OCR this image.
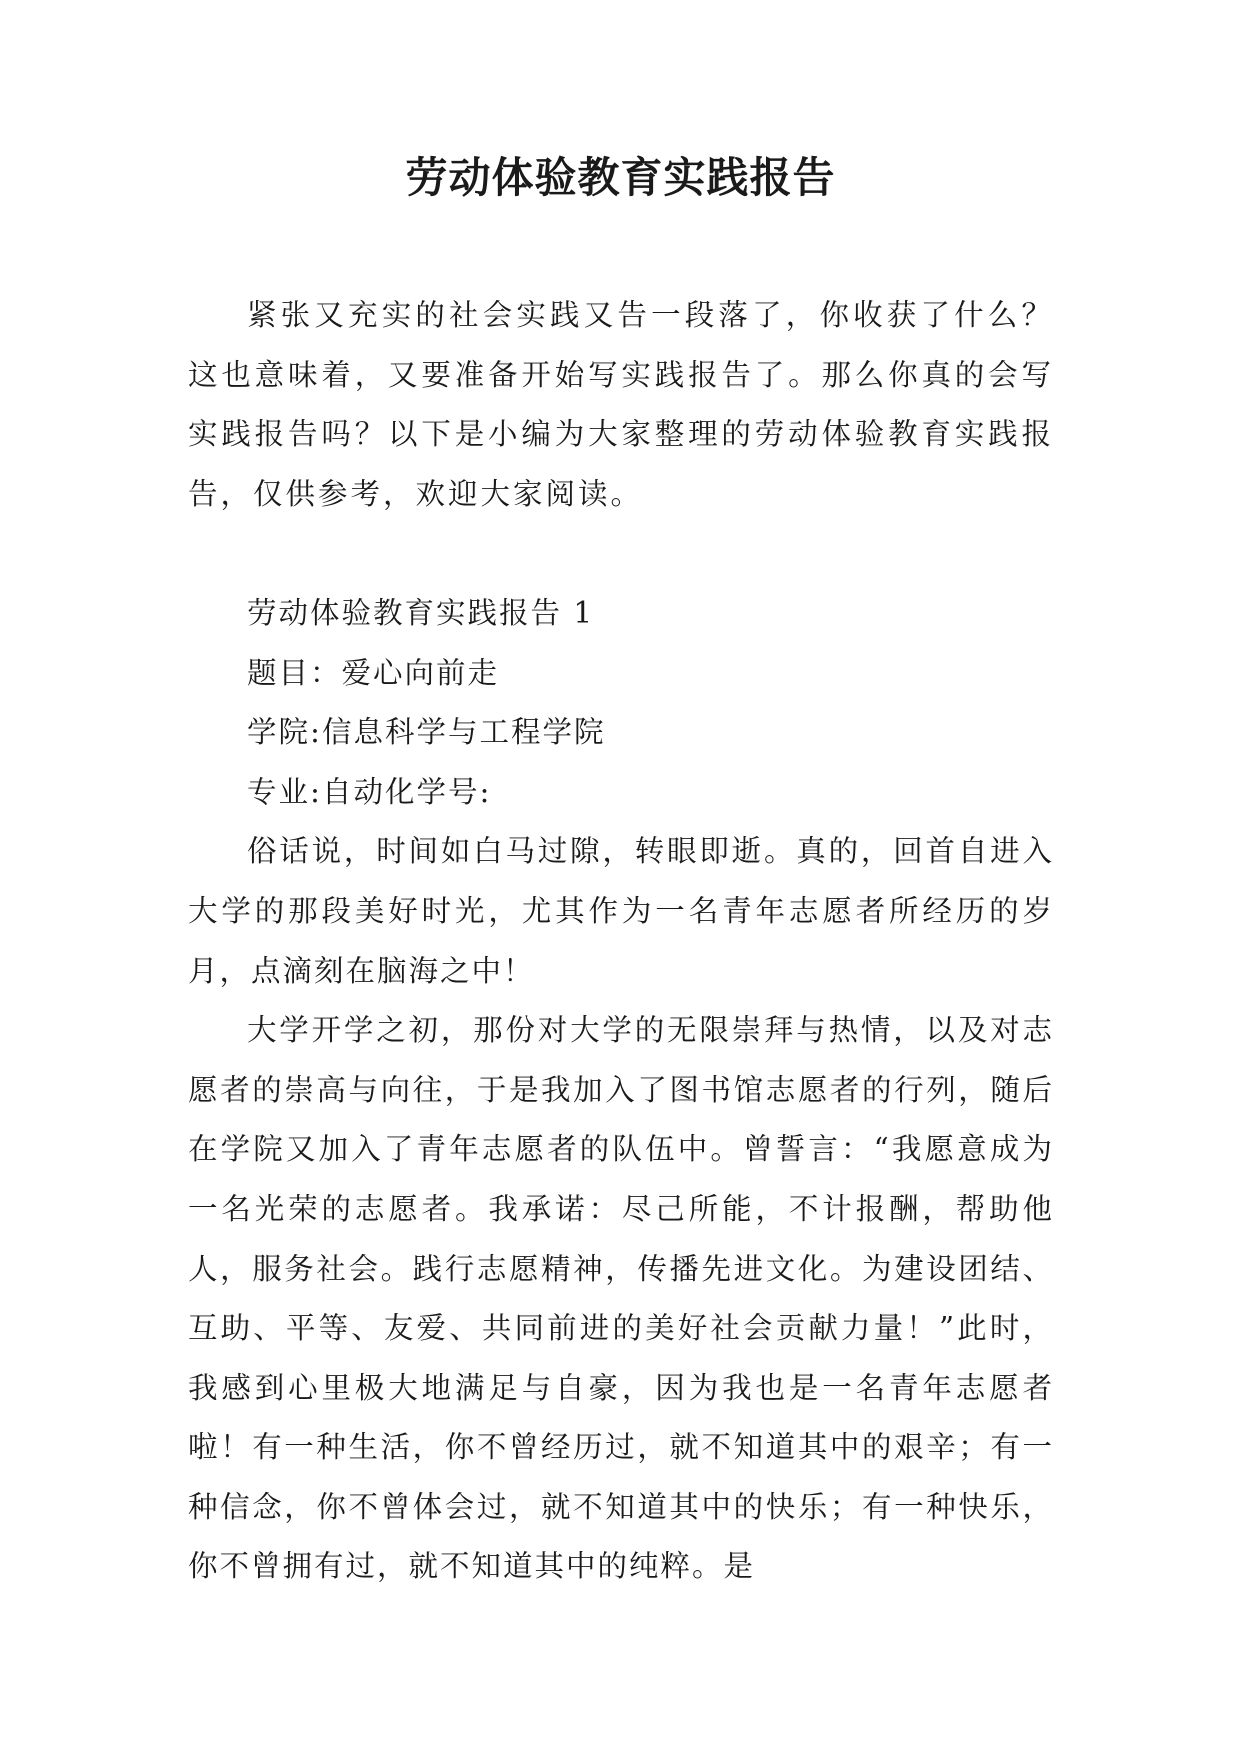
劳动体验教育实践报告

紧张又充实的社会实践又告一段落了，你收获了什么？这也意味着，又要准备开始写实践报告了。那么你真的会写实践报告吗？以下是小编为大家整理的劳动体验教育实践报告，仅供参考，欢迎大家阅读。

劳动体验教育实践报告 1

题目：爱心向前走

学院:信息科学与工程学院

专业:自动化学号:

俗话说，时间如白马过隙，转眼即逝。真的，回首自进入大学的那段美好时光，尤其作为一名青年志愿者所经历的岁月，点滴刻在脑海之中！

大学开学之初，那份对大学的无限崇拜与热情，以及对志愿者的崇高与向往，于是我加入了图书馆志愿者的行列，随后在学院又加入了青年志愿者的队伍中。曾誓言：“我愿意成为一名光荣的志愿者。我承诺：尽己所能，不计报酬，帮助他人，服务社会。践行志愿精神，传播先进文化。为建设团结、互助、平等、友爱、共同前进的美好社会贡献力量！”此时，我感到心里极大地满足与自豪，因为我也是一名青年志愿者啦！有一种生活，你不曾经历过，就不知道其中的艰辛；有一种信念，你不曾体会过，就不知道其中的快乐；有一种快乐，你不曾拥有过，就不知道其中的纯粹。是
